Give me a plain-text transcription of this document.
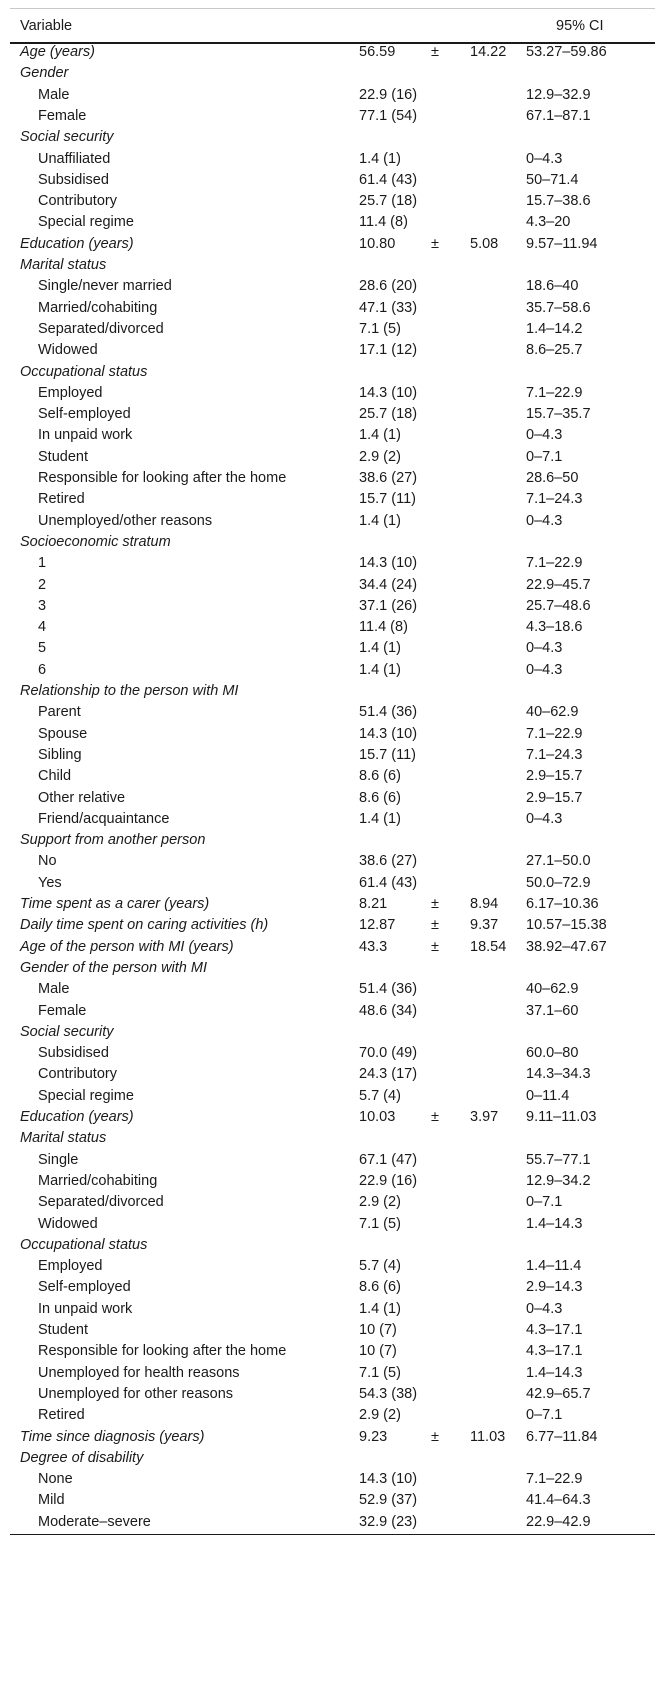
Variable	95% CI
Age (years)	56.59 ± 14.22 53.27–59.86
Gender
Male	22.9 (16)	12.9–32.9
Female	77.1 (54)	67.1–87.1
Social security
Unaffiliated	1.4 (1)	0–4.3
Subsidised	61.4 (43)	50–71.4
Contributory	25.7 (18)	15.7–38.6
Special regime	11.4 (8)	4.3–20
Education (years)	10.80 ± 5.08 9.57–11.94
Marital status
Single/never married	28.6 (20)	18.6–40
Married/cohabiting	47.1 (33)	35.7–58.6
Separated/divorced	7.1 (5)	1.4–14.2
Widowed	17.1 (12)	8.6–25.7
Occupational status
Employed	14.3 (10)	7.1–22.9
Self-employed	25.7 (18)	15.7–35.7
In unpaid work	1.4 (1)	0–4.3
Student	2.9 (2)	0–7.1
Responsible for looking after the home	38.6 (27)	28.6–50
Retired	15.7 (11)	7.1–24.3
Unemployed/other reasons	1.4 (1)	0–4.3
Socioeconomic stratum
1	14.3 (10)	7.1–22.9
2	34.4 (24)	22.9–45.7
3	37.1 (26)	25.7–48.6
4	11.4 (8)	4.3–18.6
5	1.4 (1)	0–4.3
6	1.4 (1)	0–4.3
Relationship to the person with MI
Parent	51.4 (36)	40–62.9
Spouse	14.3 (10)	7.1–22.9
Sibling	15.7 (11)	7.1–24.3
Child	8.6 (6)	2.9–15.7
Other relative	8.6 (6)	2.9–15.7
Friend/acquaintance	1.4 (1)	0–4.3
Support from another person
No	38.6 (27)	27.1–50.0
Yes	61.4 (43)	50.0–72.9
Time spent as a carer (years)	8.21	± 8.94 6.17–10.36
Daily time spent on caring activities (h)	12.87 ± 9.37 10.57–15.38
Age of the person with MI (years)	43.3	± 18.54 38.92–47.67
Gender of the person with MI
Male	51.4 (36)	40–62.9
Female	48.6 (34)	37.1–60
Social security
Subsidised	70.0 (49)	60.0–80
Contributory	24.3 (17)	14.3–34.3
Special regime	5.7 (4)	0–11.4
Education (years)	10.03 ± 3.97 9.11–11.03
Marital status
Single	67.1 (47)	55.7–77.1
Married/cohabiting	22.9 (16)	12.9–34.2
Separated/divorced	2.9 (2)	0–7.1
Widowed	7.1 (5)	1.4–14.3
Occupational status
Employed	5.7 (4)	1.4–11.4
Self-employed	8.6 (6)	2.9–14.3
In unpaid work	1.4 (1)	0–4.3
Student	10 (7)	4.3–17.1
Responsible for looking after the home	10 (7)	4.3–17.1
Unemployed for health reasons	7.1 (5)	1.4–14.3
Unemployed for other reasons	54.3 (38)	42.9–65.7
Retired	2.9 (2)	0–7.1
Time since diagnosis (years)	9.23	± 11.03 6.77–11.84
Degree of disability
None	14.3 (10)	7.1–22.9
Mild	52.9 (37)	41.4–64.3
Moderate–severe	32.9 (23)	22.9–42.9
